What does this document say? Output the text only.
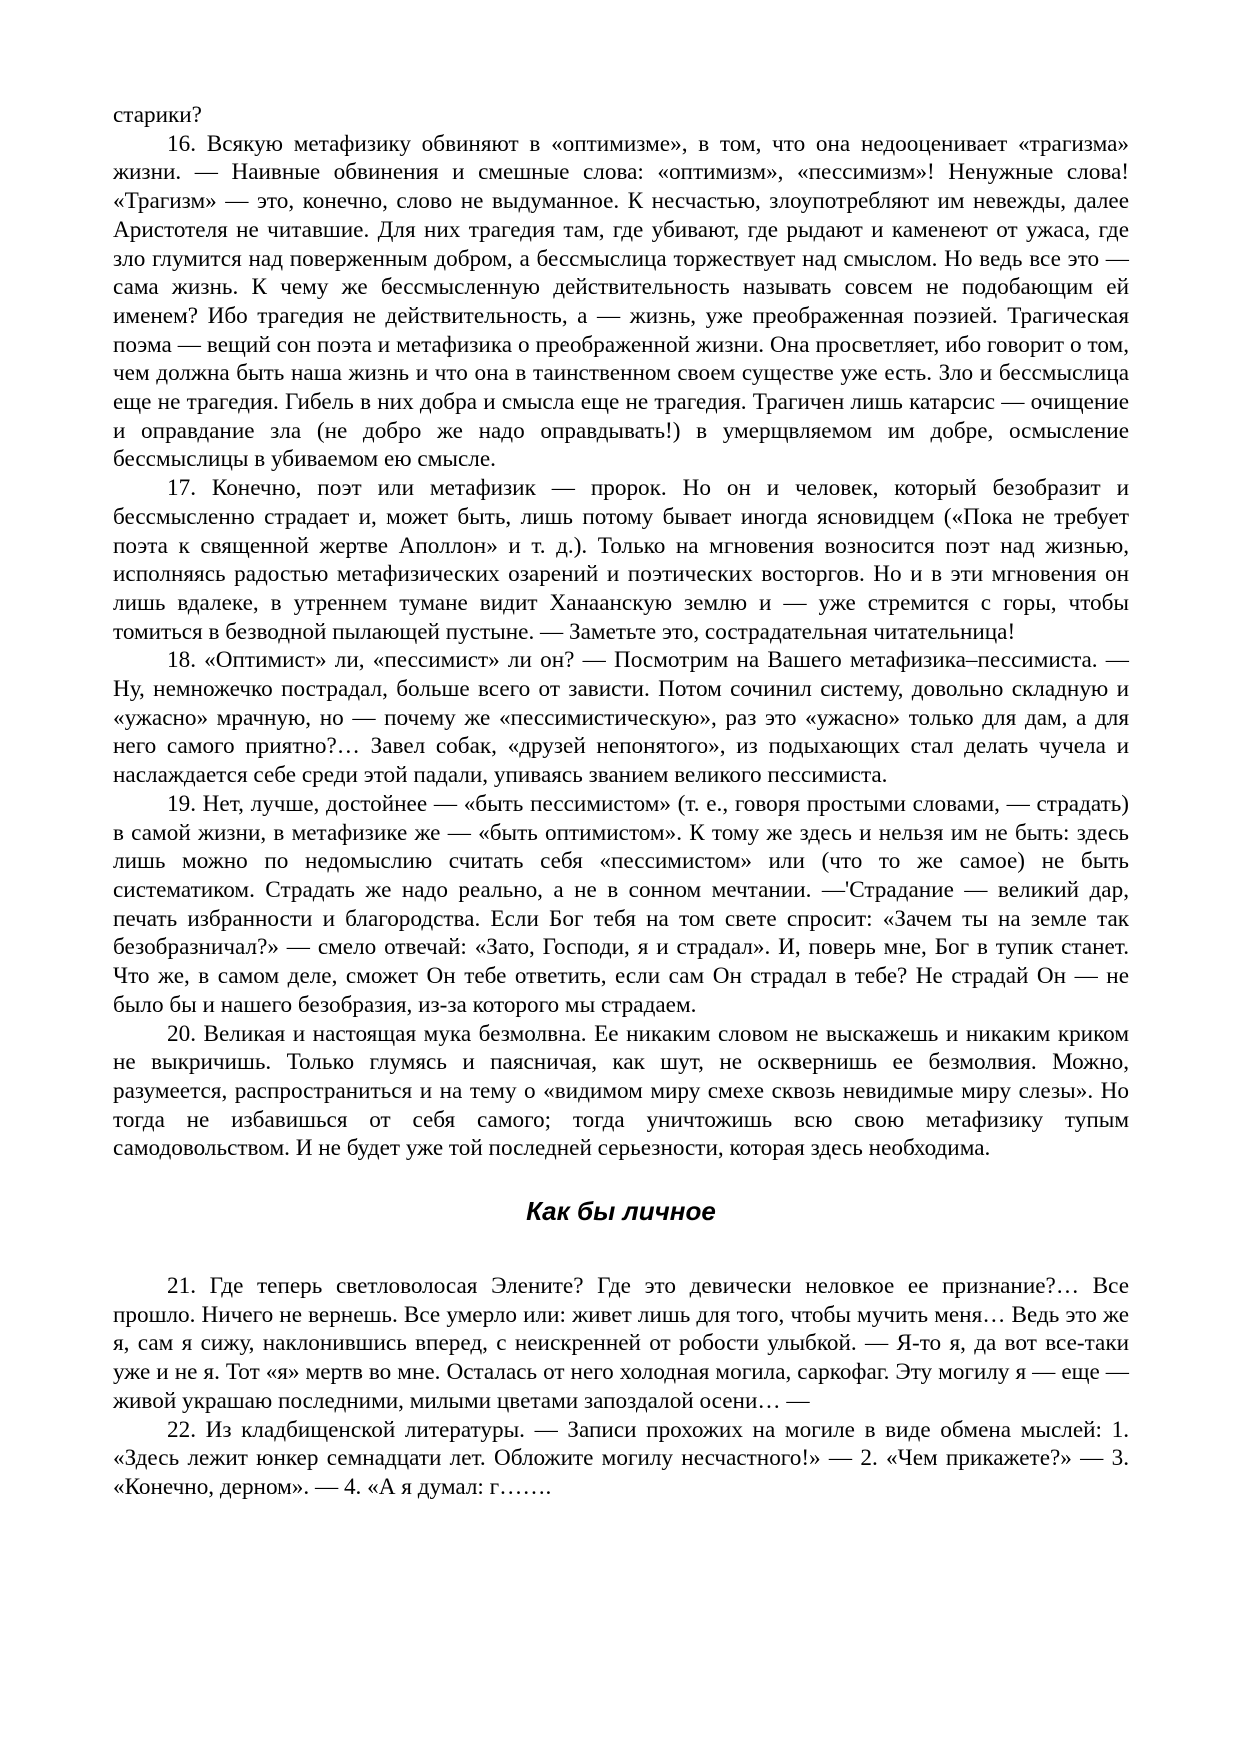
старики?

16. Всякую метафизику обвиняют в «оптимизме», в том, что она недооценивает «трагизма» жизни. — Наивные обвинения и смешные слова: «оптимизм», «пессимизм»! Ненужные слова! «Трагизм» — это, конечно, слово не выдуманное. К несчастью, злоупотребляют им невежды, далее Аристотеля не читавшие. Для них трагедия там, где убивают, где рыдают и каменеют от ужаса, где зло глумится над поверженным добром, а бессмыслица торжествует над смыслом. Но ведь все это — сама жизнь. К чему же бессмысленную действительность называть совсем не подобающим ей именем? Ибо трагедия не действительность, а — жизнь, уже преображенная поэзией. Трагическая поэма — вещий сон поэта и метафизика о преображенной жизни. Она просветляет, ибо говорит о том, чем должна быть наша жизнь и что она в таинственном своем существе уже есть. Зло и бессмыслица еще не трагедия. Гибель в них добра и смысла еще не трагедия. Трагичен лишь катарсис — очищение и оправдание зла (не добро же надо оправдывать!) в умерщвляемом им добре, осмысление бессмыслицы в убиваемом ею смысле.

17. Конечно, поэт или метафизик — пророк. Но он и человек, который безобразит и бессмысленно страдает и, может быть, лишь потому бывает иногда ясновидцем («Пока не требует поэта к священной жертве Аполлон» и т. д.). Только на мгновения возносится поэт над жизнью, исполняясь радостью метафизических озарений и поэтических восторгов. Но и в эти мгновения он лишь вдалеке, в утреннем тумане видит Ханаанскую землю и — уже стремится с горы, чтобы томиться в безводной пылающей пустыне. — Заметьте это, сострадательная читательница!

18. «Оптимист» ли, «пессимист» ли он? — Посмотрим на Вашего метафизика–пессимиста. — Ну, немножечко пострадал, больше всего от зависти. Потом сочинил систему, довольно складную и «ужасно» мрачную, но — почему же «пессимистическую», раз это «ужасно» только для дам, а для него самого приятно?… Завел собак, «друзей непонятого», из подыхающих стал делать чучела и наслаждается себе среди этой падали, упиваясь званием великого пессимиста.

19. Нет, лучше, достойнее — «быть пессимистом» (т. е., говоря простыми словами, — страдать) в самой жизни, в метафизике же — «быть оптимистом». К тому же здесь и нельзя им не быть: здесь лишь можно по недомыслию считать себя «пессимистом» или (что то же самое) не быть систематиком. Страдать же надо реально, а не в сонном мечтании. —'Страдание — великий дар, печать избранности и благородства. Если Бог тебя на том свете спросит: «Зачем ты на земле так безобразничал?» — смело отвечай: «Зато, Господи, я и страдал». И, поверь мне, Бог в тупик станет. Что же, в самом деле, сможет Он тебе ответить, если сам Он страдал в тебе? Не страдай Он — не было бы и нашего безобразия, из-за которого мы страдаем.

20. Великая и настоящая мука безмолвна. Ее никаким словом не выскажешь и никаким криком не выкричишь. Только глумясь и паясничая, как шут, не осквернишь ее безмолвия. Можно, разумеется, распространиться и на тему о «видимом миру смехе сквозь невидимые миру слезы». Но тогда не избавишься от себя самого; тогда уничтожишь всю свою метафизику тупым самодовольством. И не будет уже той последней серьезности, которая здесь необходима.

Как бы личное

21. Где теперь светловолосая Элените? Где это девически неловкое ее признание?… Все прошло. Ничего не вернешь. Все умерло или: живет лишь для того, чтобы мучить меня… Ведь это же я, сам я сижу, наклонившись вперед, с неискренней от робости улыбкой. — Я-то я, да вот все-таки уже и не я. Тот «я» мертв во мне. Осталась от него холодная могила, саркофаг. Эту могилу я — еще — живой украшаю последними, милыми цветами запоздалой осени… —

22. Из кладбищенской литературы. — Записи прохожих на могиле в виде обмена мыслей: 1. «Здесь лежит юнкер семнадцати лет. Обложите могилу несчастного!» — 2. «Чем прикажете?» — 3. «Конечно, дерном». — 4. «А я думал: г…….
